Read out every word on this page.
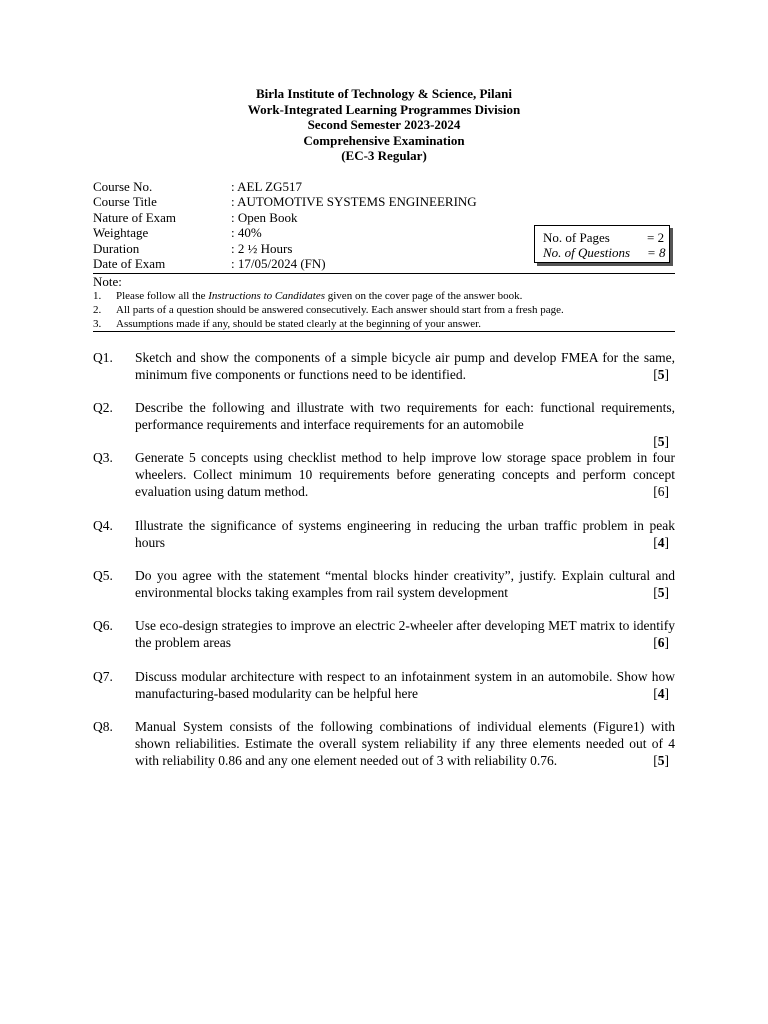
Birla Institute of Technology & Science, Pilani
Work-Integrated Learning Programmes Division
Second Semester 2023-2024
Comprehensive Examination
(EC-3 Regular)
Course No.	: AEL ZG517
Course Title	: AUTOMOTIVE SYSTEMS ENGINEERING
Nature of Exam	: Open Book
Weightage	: 40%
Duration	: 2 ½ Hours
Date of Exam	: 17/05/2024 (FN)
No. of Pages	= 2
No. of Questions	= 8
Note:
1.	Please follow all the Instructions to Candidates given on the cover page of the answer book.
2.	All parts of a question should be answered consecutively. Each answer should start from a fresh page.
3.	Assumptions made if any, should be stated clearly at the beginning of your answer.
Q1.	Sketch and show the components of a simple bicycle air pump and develop FMEA for the same, minimum five components or functions need to be identified.	[5]
Q2.	Describe the following and illustrate with two requirements for each: functional requirements, performance requirements and interface requirements for an automobile
[5]
Q3.	Generate 5 concepts using checklist method to help improve low storage space problem in four wheelers. Collect minimum 10 requirements before generating concepts and perform concept evaluation using datum method.	[6]
Q4.	Illustrate the significance of systems engineering in reducing the urban traffic problem in peak hours	[4]
Q5.	Do you agree with the statement “mental blocks hinder creativity”, justify. Explain cultural and environmental blocks taking examples from rail system development	[5]
Q6.	Use eco-design strategies to improve an electric 2-wheeler after developing MET matrix to identify the problem areas	[6]
Q7.	Discuss modular architecture with respect to an infotainment system in an automobile. Show how manufacturing-based modularity can be helpful here	[4]
Q8.	Manual System consists of the following combinations of individual elements (Figure1) with shown reliabilities. Estimate the overall system reliability if any three elements needed out of 4 with reliability 0.86 and any one element needed out of 3 with reliability 0.76.	[5]
